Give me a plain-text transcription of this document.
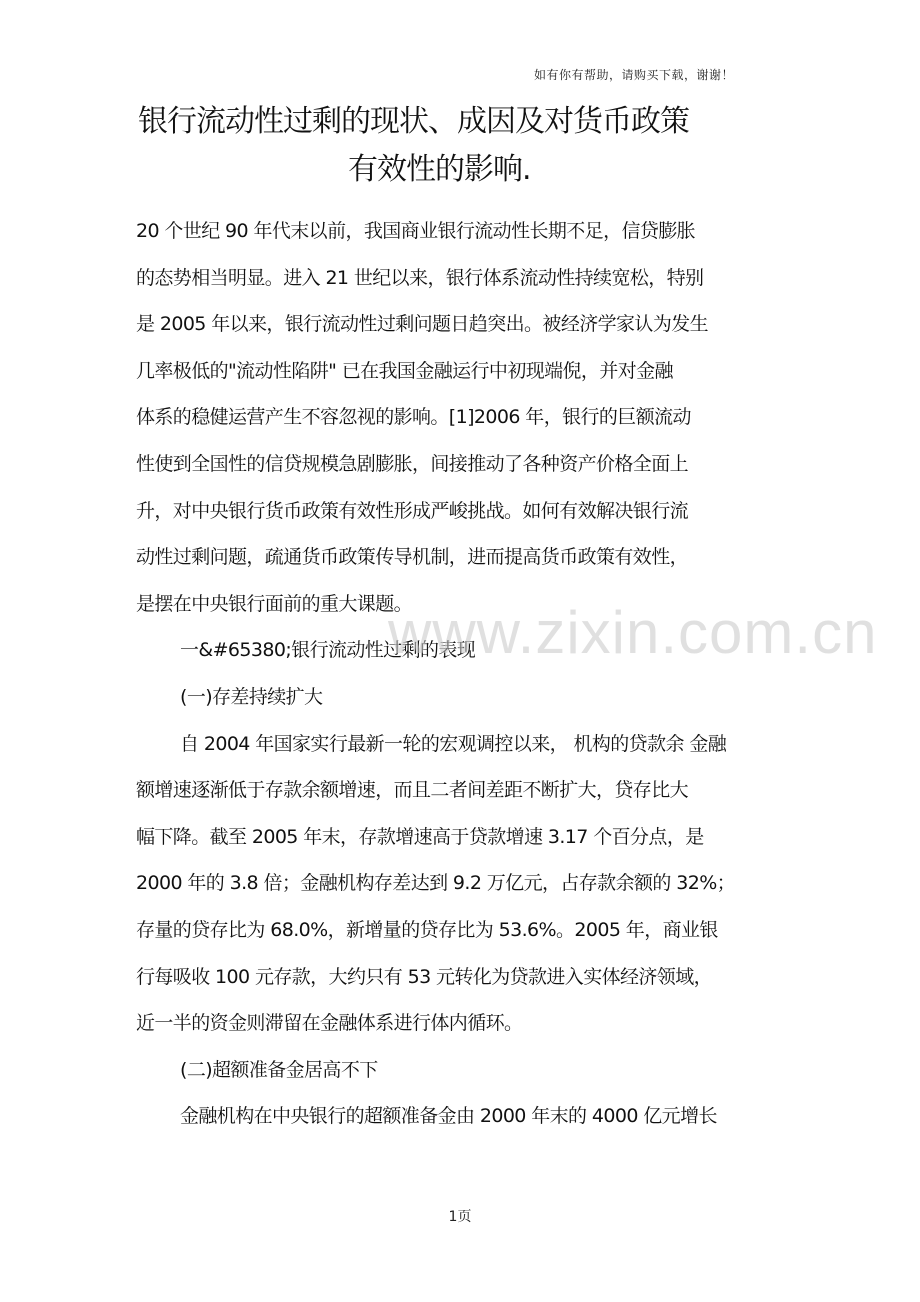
如有你有帮助，请购买下载，谢谢！
银行流动性过剩的现状、成因及对货币政策
有效性的影响.
20 个世纪 90 年代末以前，我国商业银行流动性长期不足，信贷膨胀
的态势相当明显。进入 21 世纪以来，银行体系流动性持续宽松，特别
是 2005 年以来，银行流动性过剩问题日趋突出。被经济学家认为发生
几率极低的"流动性陷阱" 已在我国金融运行中初现端倪，并对金融
体系的稳健运营产生不容忽视的影响。[1]2006 年，银行的巨额流动
性使到全国性的信贷规模急剧膨胀，间接推动了各种资产价格全面上
升，对中央银行货币政策有效性形成严峻挑战。如何有效解决银行流
动性过剩问题，疏通货币政策传导机制，进而提高货币政策有效性，
是摆在中央银行面前的重大课题。
一&#65380;银行流动性过剩的表现
(一)存差持续扩大
自 2004 年国家实行最新一轮的宏观调控以来， 机构的贷款余 金融
额增速逐渐低于存款余额增速，而且二者间差距不断扩大，贷存比大
幅下降。截至 2005 年末，存款增速高于贷款增速 3.17 个百分点，是
2000 年的 3.8 倍；金融机构存差达到 9.2 万亿元，占存款余额的 32%；
存量的贷存比为 68.0%，新增量的贷存比为 53.6%。2005 年，商业银
行每吸收 100 元存款，大约只有 53 元转化为贷款进入实体经济领域，
近一半的资金则滞留在金融体系进行体内循环。
(二)超额准备金居高不下
金融机构在中央银行的超额准备金由 2000 年末的 4000 亿元增长
www.zixin.com.cn
1页
